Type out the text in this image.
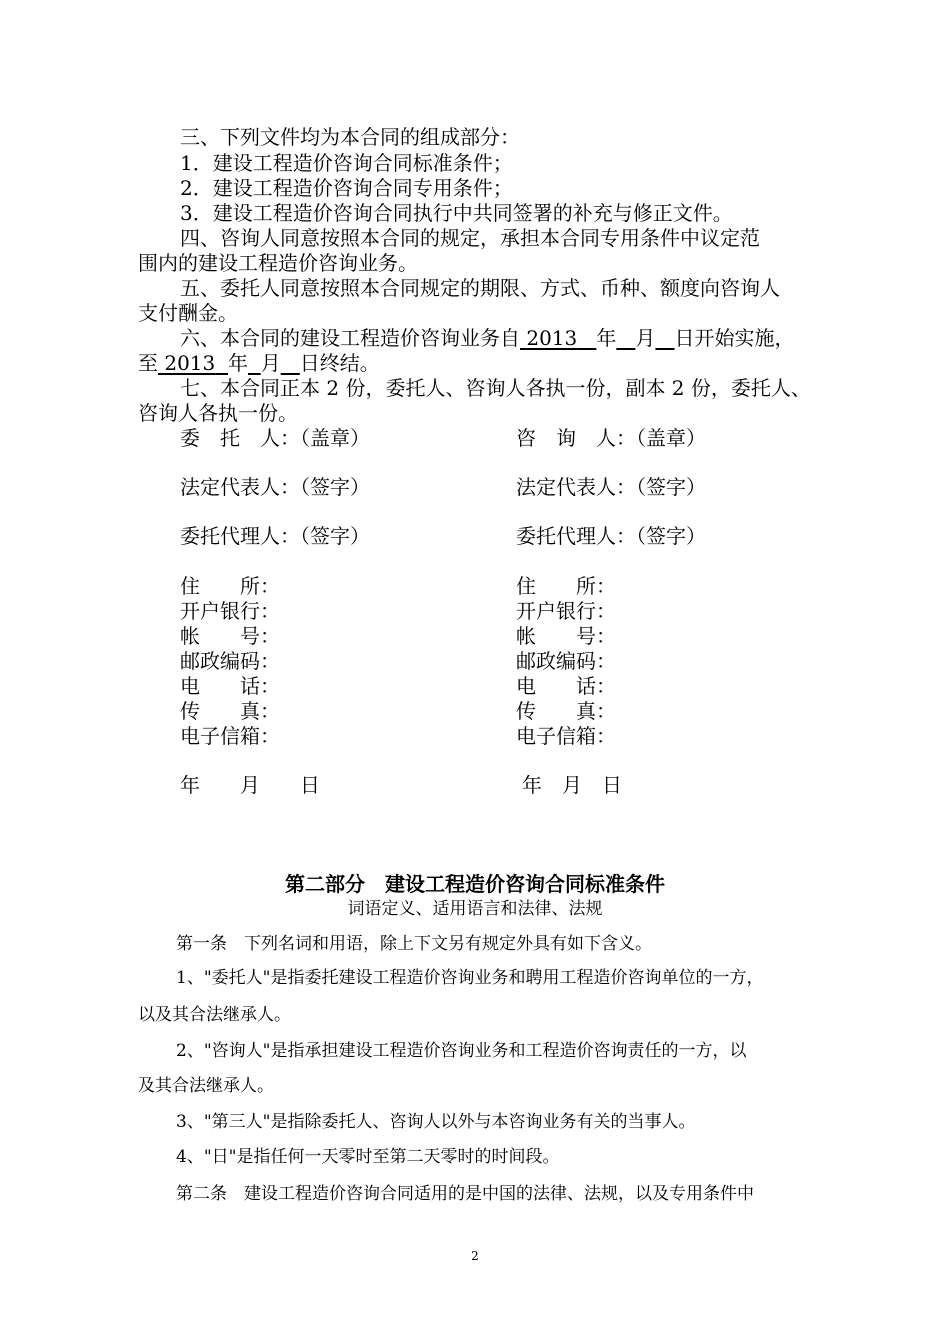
三、下列文件均为本合同的组成部分：
1．建设工程造价咨询合同标准条件；
2．建设工程造价咨询合同专用条件；
3．建设工程造价咨询合同执行中共同签署的补充与修正文件。
四、咨询人同意按照本合同的规定，承担本合同专用条件中议定范
围内的建设工程造价咨询业务。
五、委托人同意按照本合同规定的期限、方式、币种、额度向咨询人
支付酬金。
六、本合同的建设工程造价咨询业务自 2013 年 月 日开始实施，
至 2013 年 月 日终结。
七、本合同正本 2 份，委托人、咨询人各执一份，副本 2 份，委托人、
咨询人各执一份。
委　托　人：（盖章）
法定代表人：（签字）
委托代理人：（签字）
住　　所：
开户银行：
帐　　号：
邮政编码：
电　　话：
传　　真：
电子信箱：
年　　月　　日
咨　询　人：（盖章）
法定代表人：（签字）
委托代理人：（签字）
住　　所：
开户银行：
帐　　号：
邮政编码：
电　　话：
传　　真：
电子信箱：
年　月　日
第二部分　建设工程造价咨询合同标准条件
词语定义、适用语言和法律、法规
第一条　下列名词和用语，除上下文另有规定外具有如下含义。
1、"委托人"是指委托建设工程造价咨询业务和聘用工程造价咨询单位的一方，
以及其合法继承人。
2、"咨询人"是指承担建设工程造价咨询业务和工程造价咨询责任的一方，以
及其合法继承人。
3、"第三人"是指除委托人、咨询人以外与本咨询业务有关的当事人。
4、"日"是指任何一天零时至第二天零时的时间段。
第二条　建设工程造价咨询合同适用的是中国的法律、法规，以及专用条件中
2
